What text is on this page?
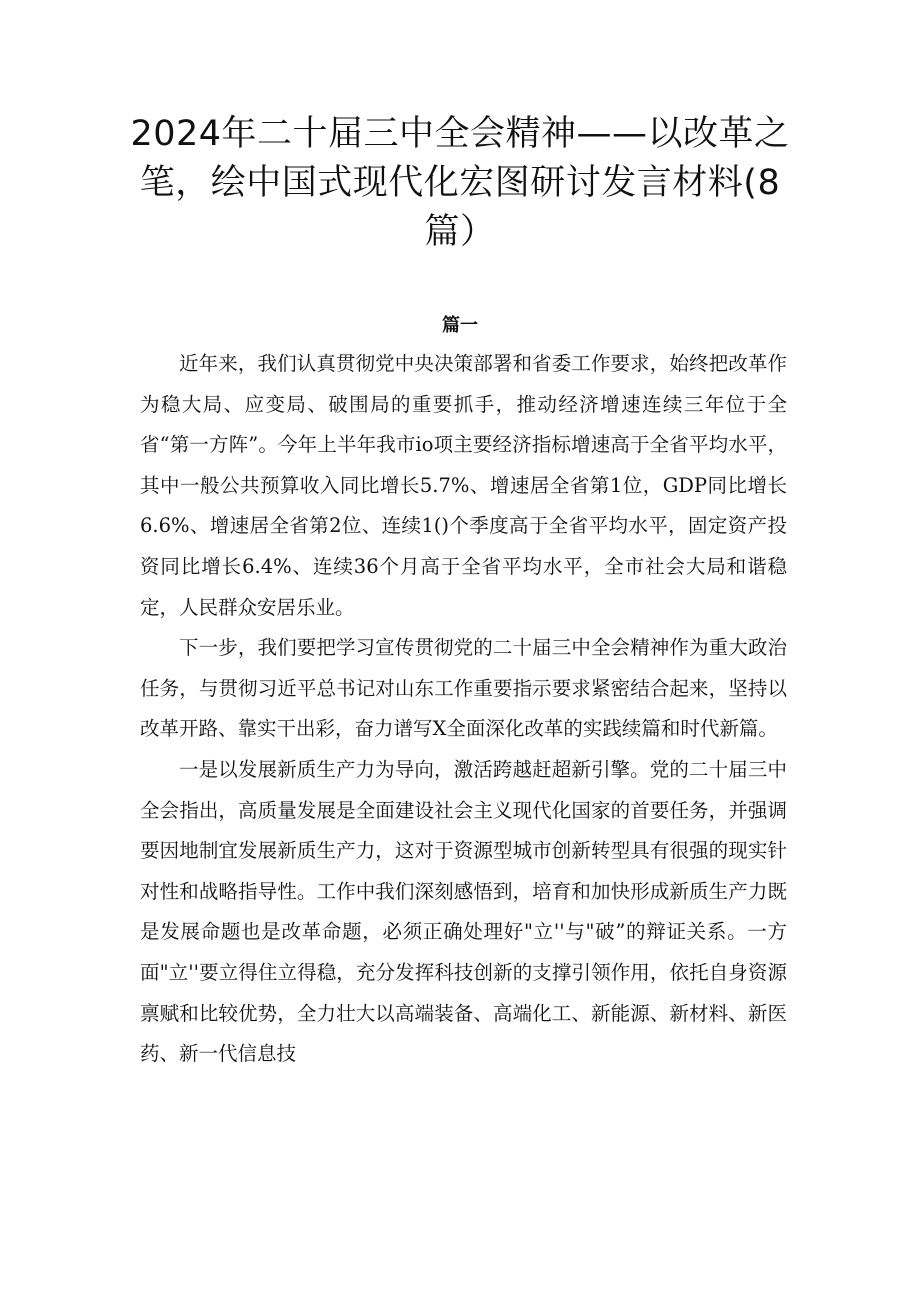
2024年二十届三中全会精神——以改革之笔，绘中国式现代化宏图研讨发言材料(8篇）
篇一

近年来，我们认真贯彻党中央决策部署和省委工作要求，始终把改革作为稳大局、应变局、破围局的重要抓手，推动经济增速连续三年位于全省“第一方阵”。今年上半年我市io项主要经济指标增速高于全省平均水平，其中一般公共预算收入同比增长5.7%、增速居全省第1位，GDP同比增长6.6%、增速居全省第2位、连续1()个季度高于全省平均水平，固定资产投资同比增长6.4%、连续36个月高于全省平均水平，全市社会大局和谐稳定，人民群众安居乐业。

下一步，我们要把学习宣传贯彻党的二十届三中全会精神作为重大政治任务，与贯彻习近平总书记对山东工作重要指示要求紧密结合起来，坚持以改革开路、靠实干出彩，奋力谱写X全面深化改革的实践续篇和时代新篇。

一是以发展新质生产力为导向，激活跨越赶超新引擎。党的二十届三中全会指出，高质量发展是全面建设社会主义现代化国家的首要任务，并强调要因地制宜发展新质生产力，这对于资源型城市创新转型具有很强的现实针对性和战略指导性。工作中我们深刻感悟到，培育和加快形成新质生产力既是发展命题也是改革命题，必须正确处理好"立''与"破”的辩证关系。一方面"立''要立得住立得稳，充分发挥科技创新的支撑引领作用，依托自身资源禀赋和比较优势，全力壮大以高端装备、高端化工、新能源、新材料、新医药、新一代信息技
